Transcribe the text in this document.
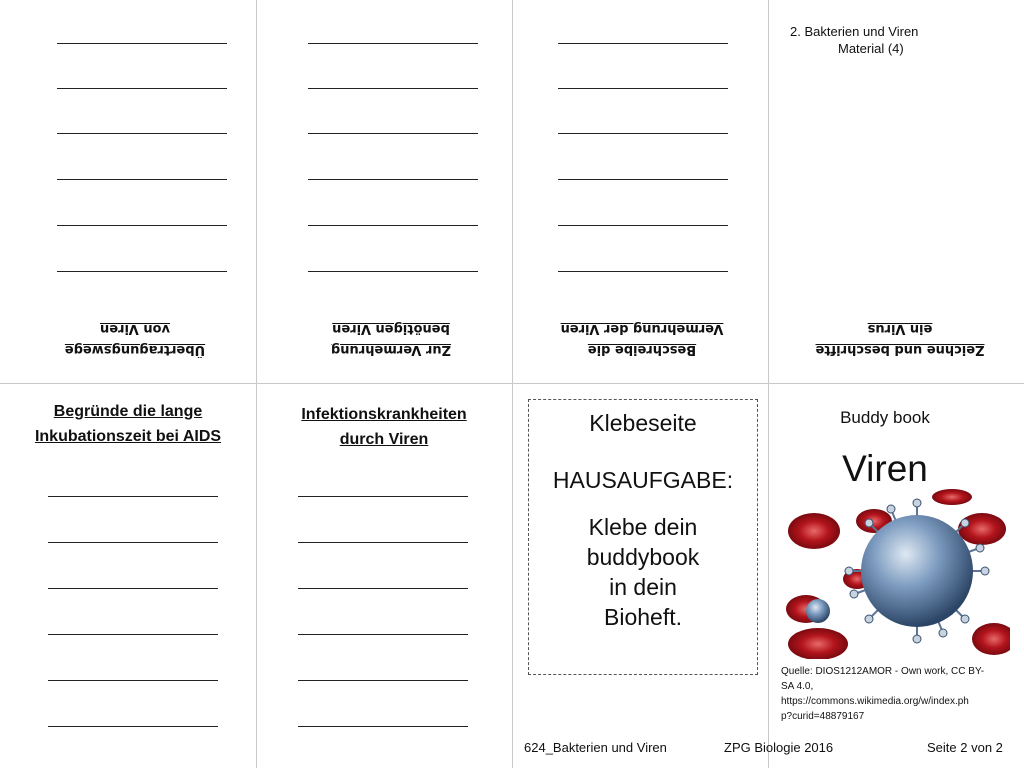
2. Bakterien und Viren
Material (4)
Übertragungswege
von Viren
Zur Vermehrung
benötigen Viren
Beschreibe die
Vermehrung der Viren
Zeichne und beschrifte
ein Virus
Begründe die lange
Inkubationszeit bei AIDS
Infektionskrankheiten
durch Viren
Klebeseite
HAUSAUFGABE:
Klebe dein
buddybook
in dein
Bioheft.
Buddy book
Viren
Quelle: DIOS1212AMOR - Own work, CC BY-
SA 4.0,
https://commons.wikimedia.org/w/index.ph
p?curid=48879167
624_Bakterien und Viren	ZPG Biologie 2016	Seite 2 von 2
